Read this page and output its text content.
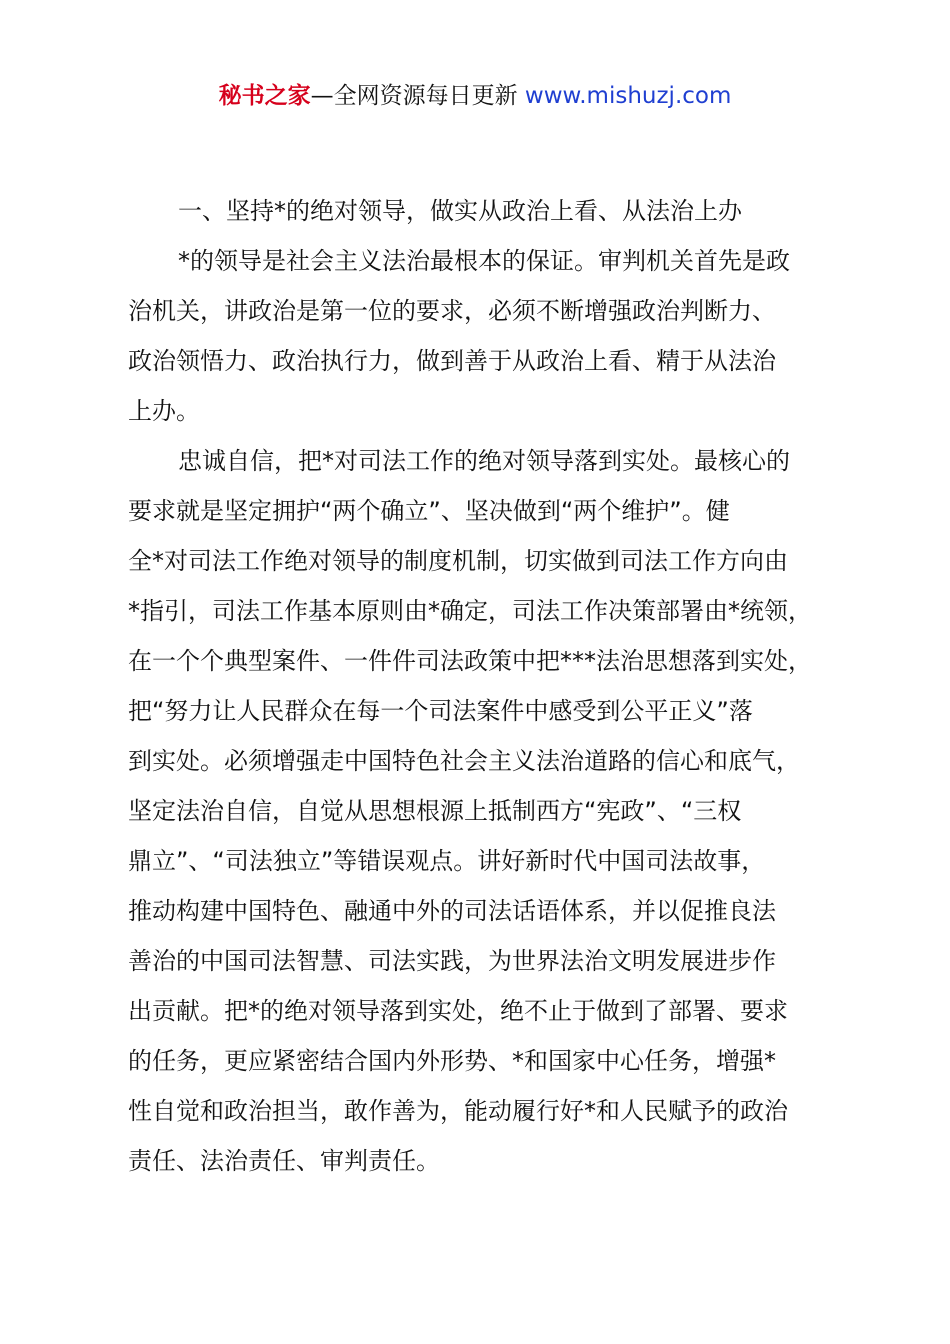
秘书之家—全网资源每日更新 www.mishuzj.com
一、坚持*的绝对领导，做实从政治上看、从法治上办
*的领导是社会主义法治最根本的保证。审判机关首先是政
治机关，讲政治是第一位的要求，必须不断增强政治判断力、
政治领悟力、政治执行力，做到善于从政治上看、精于从法治
上办。
忠诚自信，把*对司法工作的绝对领导落到实处。最核心的
要求就是坚定拥护“两个确立”、坚决做到“两个维护”。健
全*对司法工作绝对领导的制度机制，切实做到司法工作方向由
*指引，司法工作基本原则由*确定，司法工作决策部署由*统领，
在一个个典型案件、一件件司法政策中把***法治思想落到实处，
把“努力让人民群众在每一个司法案件中感受到公平正义”落
到实处。必须增强走中国特色社会主义法治道路的信心和底气，
坚定法治自信，自觉从思想根源上抵制西方“宪政”、“三权
鼎立”、“司法独立”等错误观点。讲好新时代中国司法故事，
推动构建中国特色、融通中外的司法话语体系，并以促推良法
善治的中国司法智慧、司法实践，为世界法治文明发展进步作
出贡献。把*的绝对领导落到实处，绝不止于做到了部署、要求
的任务，更应紧密结合国内外形势、*和国家中心任务，增强*
性自觉和政治担当，敢作善为，能动履行好*和人民赋予的政治
责任、法治责任、审判责任。
